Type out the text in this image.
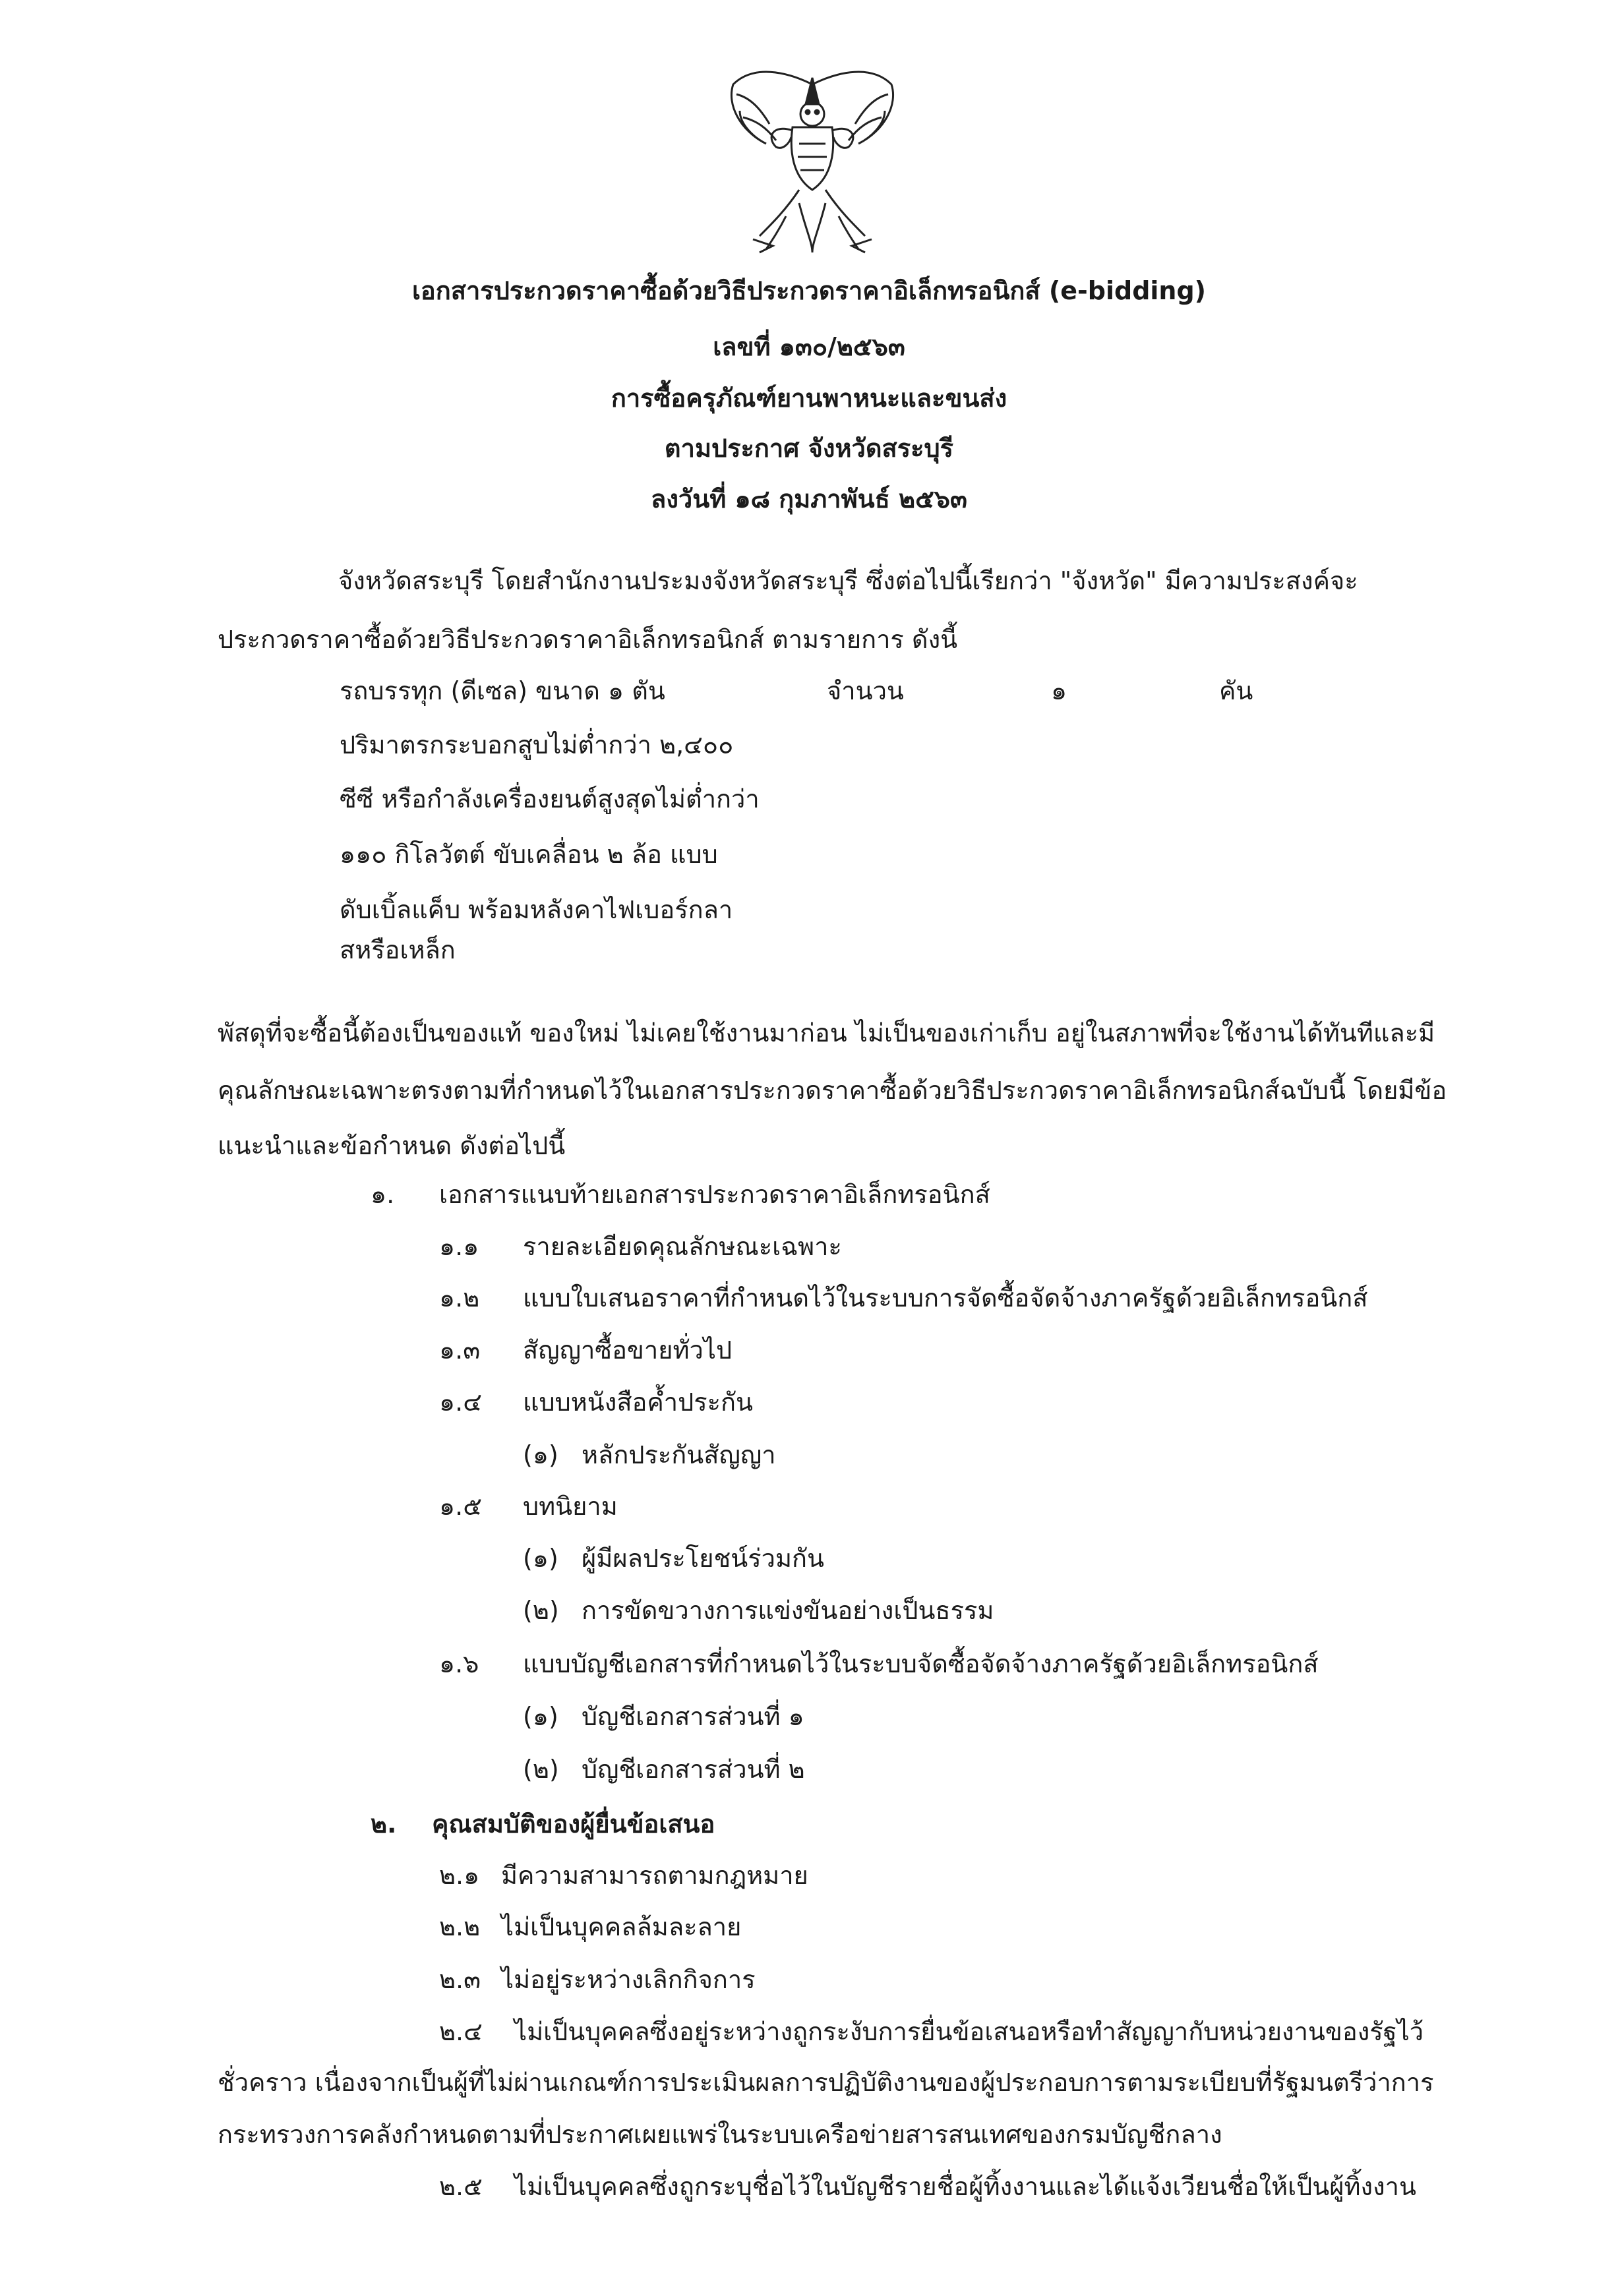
เอกสารประกวดราคาซื้อด้วยวิธีประกวดราคาอิเล็กทรอนิกส์ (e-bidding)
เลขที่ ๑๓๐/๒๕๖๓
การซื้อครุภัณฑ์ยานพาหนะและขนส่ง
ตามประกาศ จังหวัดสระบุรี
ลงวันที่ ๑๘ กุมภาพันธ์ ๒๕๖๓
จังหวัดสระบุรี โดยสำนักงานประมงจังหวัดสระบุรี ซึ่งต่อไปนี้เรียกว่า "จังหวัด" มีความประสงค์จะ
ประกวดราคาซื้อด้วยวิธีประกวดราคาอิเล็กทรอนิกส์ ตามรายการ ดังนี้
รถบรรทุก (ดีเซล) ขนาด ๑ ตัน	จำนวน	๑	คัน
ปริมาตรกระบอกสูบไม่ต่ำกว่า ๒,๔๐๐
ซีซี หรือกำลังเครื่องยนต์สูงสุดไม่ต่ำกว่า
๑๑๐ กิโลวัตต์ ขับเคลื่อน ๒ ล้อ แบบ
ดับเบิ้ลแค็บ พร้อมหลังคาไฟเบอร์กลา
สหรือเหล็ก
พัสดุที่จะซื้อนี้ต้องเป็นของแท้ ของใหม่ ไม่เคยใช้งานมาก่อน ไม่เป็นของเก่าเก็บ อยู่ในสภาพที่จะใช้งานได้ทันทีและมี
คุณลักษณะเฉพาะตรงตามที่กำหนดไว้ในเอกสารประกวดราคาซื้อด้วยวิธีประกวดราคาอิเล็กทรอนิกส์ฉบับนี้ โดยมีข้อ
แนะนำและข้อกำหนด ดังต่อไปนี้
๑. เอกสารแนบท้ายเอกสารประกวดราคาอิเล็กทรอนิกส์
๑.๑ รายละเอียดคุณลักษณะเฉพาะ
๑.๒ แบบใบเสนอราคาที่กำหนดไว้ในระบบการจัดซื้อจัดจ้างภาครัฐด้วยอิเล็กทรอนิกส์
๑.๓ สัญญาซื้อขายทั่วไป
๑.๔ แบบหนังสือค้ำประกัน
(๑) หลักประกันสัญญา
๑.๕ บทนิยาม
(๑) ผู้มีผลประโยชน์ร่วมกัน
(๒) การขัดขวางการแข่งขันอย่างเป็นธรรม
๑.๖ แบบบัญชีเอกสารที่กำหนดไว้ในระบบจัดซื้อจัดจ้างภาครัฐด้วยอิเล็กทรอนิกส์
(๑) บัญชีเอกสารส่วนที่ ๑
(๒) บัญชีเอกสารส่วนที่ ๒
๒. คุณสมบัติของผู้ยื่นข้อเสนอ
๒.๑ มีความสามารถตามกฎหมาย
๒.๒ ไม่เป็นบุคคลล้มละลาย
๒.๓ ไม่อยู่ระหว่างเลิกกิจการ
๒.๔ ไม่เป็นบุคคลซึ่งอยู่ระหว่างถูกระงับการยื่นข้อเสนอหรือทำสัญญากับหน่วยงานของรัฐไว้
ชั่วคราว เนื่องจากเป็นผู้ที่ไม่ผ่านเกณฑ์การประเมินผลการปฏิบัติงานของผู้ประกอบการตามระเบียบที่รัฐมนตรีว่าการ
กระทรวงการคลังกำหนดตามที่ประกาศเผยแพร่ในระบบเครือข่ายสารสนเทศของกรมบัญชีกลาง
๒.๕ ไม่เป็นบุคคลซึ่งถูกระบุชื่อไว้ในบัญชีรายชื่อผู้ทิ้งงานและได้แจ้งเวียนชื่อให้เป็นผู้ทิ้งงาน
